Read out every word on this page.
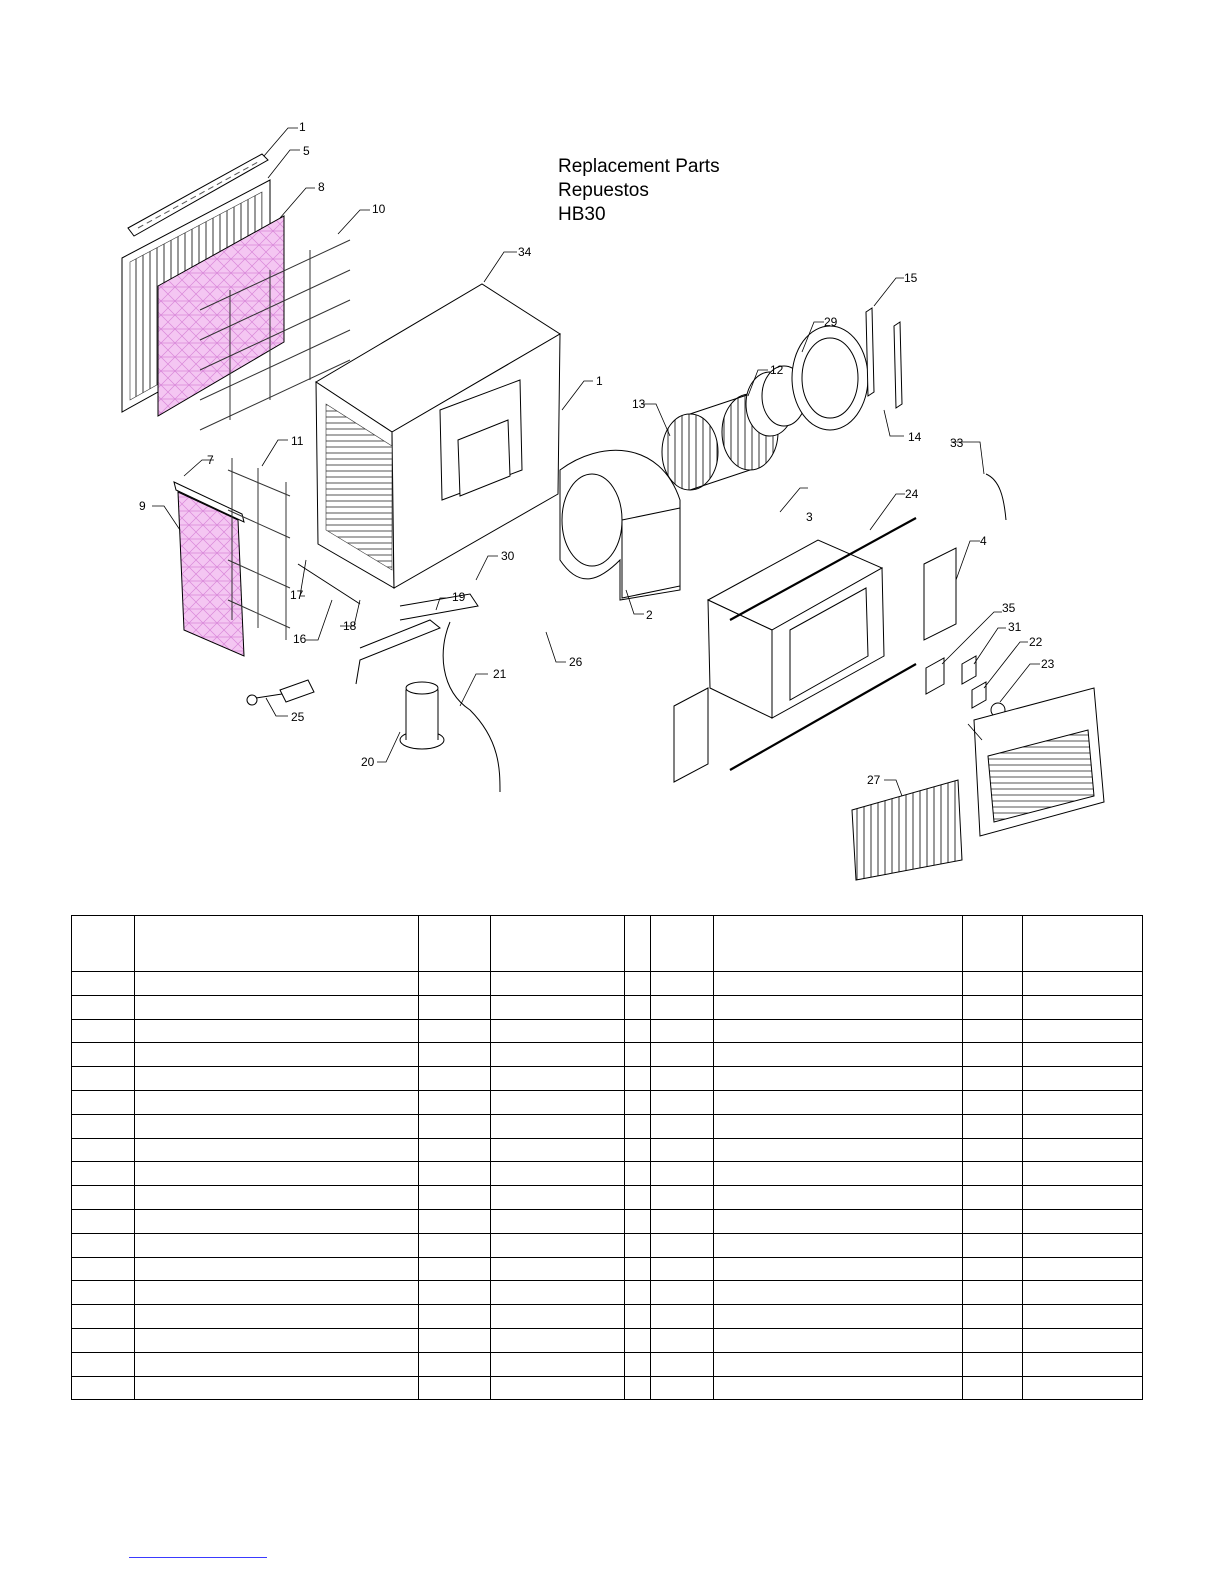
Replacement Parts
Repuestos
HB30
1
5
8
10
34
1
13
3
29
12
15
14 33
24
4
35
31
22
23
27
7
9
11
17
16
18
19
30
26
20
21
25
2
